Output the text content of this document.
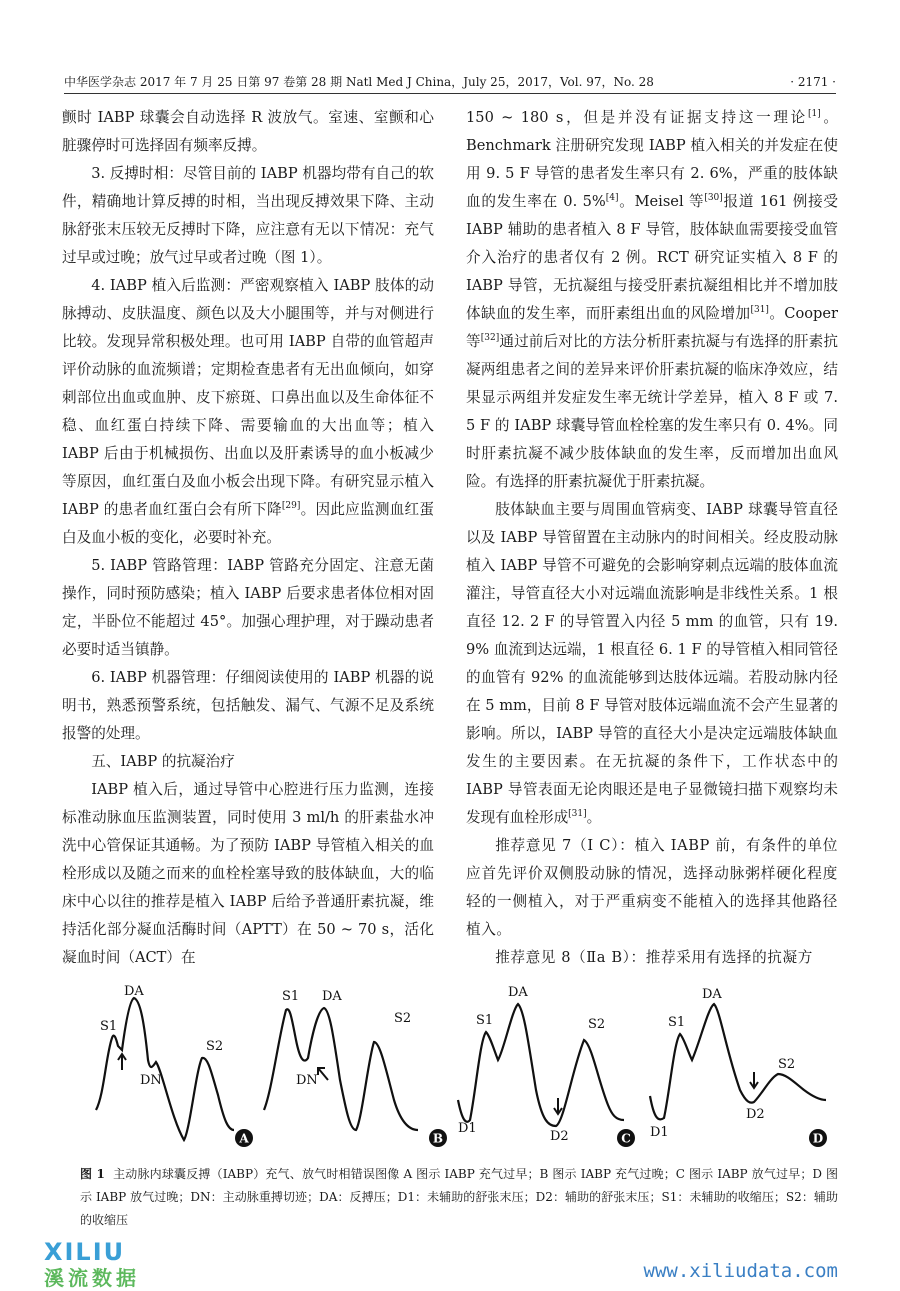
中华医学杂志 2017 年 7 月 25 日第 97 卷第 28 期 Natl Med J China，July 25，2017，Vol. 97，No. 28	· 2171 ·

颤时 IABP 球囊会自动选择 R 波放气。室速、室颤和心脏骤停时可选择固有频率反搏。

3. 反搏时相：尽管目前的 IABP 机器均带有自己的软件，精确地计算反搏的时相，当出现反搏效果下降、主动脉舒张末压较无反搏时下降，应注意有无以下情况：充气过早或过晚；放气过早或者过晚（图 1）。

4. IABP 植入后监测：严密观察植入 IABP 肢体的动脉搏动、皮肤温度、颜色以及大小腿围等，并与对侧进行比较。发现异常积极处理。也可用 IABP 自带的血管超声评价动脉的血流频谱；定期检查患者有无出血倾向，如穿刺部位出血或血肿、皮下瘀斑、口鼻出血以及生命体征不稳、血红蛋白持续下降、需要输血的大出血等；植入 IABP 后由于机械损伤、出血以及肝素诱导的血小板减少等原因，血红蛋白及血小板会出现下降。有研究显示植入 IABP 的患者血红蛋白会有所下降[29]。因此应监测血红蛋白及血小板的变化，必要时补充。

5. IABP 管路管理：IABP 管路充分固定、注意无菌操作，同时预防感染；植入 IABP 后要求患者体位相对固定，半卧位不能超过 45°。加强心理护理，对于躁动患者必要时适当镇静。

6. IABP 机器管理：仔细阅读使用的 IABP 机器的说明书，熟悉预警系统，包括触发、漏气、气源不足及系统报警的处理。

五、IABP 的抗凝治疗

IABP 植入后，通过导管中心腔进行压力监测，连接标准动脉血压监测装置，同时使用 3 ml/h 的肝素盐水冲洗中心管保证其通畅。为了预防 IABP 导管植入相关的血栓形成以及随之而来的血栓栓塞导致的肢体缺血，大的临床中心以往的推荐是植入 IABP 后给予普通肝素抗凝，维持活化部分凝血活酶时间（APTT）在 50 ~ 70 s，活化凝血时间（ACT）在

150 ~ 180 s，但是并没有证据支持这一理论[1]。Benchmark 注册研究发现 IABP 植入相关的并发症在使用 9. 5 F 导管的患者发生率只有 2. 6%，严重的肢体缺血的发生率在 0. 5%[4]。Meisel 等[30]报道 161 例接受 IABP 辅助的患者植入 8 F 导管，肢体缺血需要接受血管介入治疗的患者仅有 2 例。RCT 研究证实植入 8 F 的 IABP 导管，无抗凝组与接受肝素抗凝组相比并不增加肢体缺血的发生率，而肝素组出血的风险增加[31]。Cooper 等[32]通过前后对比的方法分析肝素抗凝与有选择的肝素抗凝两组患者之间的差异来评价肝素抗凝的临床净效应，结果显示两组并发症发生率无统计学差异，植入 8 F 或 7. 5 F 的 IABP 球囊导管血栓栓塞的发生率只有 0. 4%。同时肝素抗凝不减少肢体缺血的发生率，反而增加出血风险。有选择的肝素抗凝优于肝素抗凝。

肢体缺血主要与周围血管病变、IABP 球囊导管直径以及 IABP 导管留置在主动脉内的时间相关。经皮股动脉植入 IABP 导管不可避免的会影响穿刺点远端的肢体血流灌注，导管直径大小对远端血流影响是非线性关系。1 根直径 12. 2 F 的导管置入内径 5 mm 的血管，只有 19. 9% 血流到达远端，1 根直径 6. 1 F 的导管植入相同管径的血管有 92% 的血流能够到达肢体远端。若股动脉内径在 5 mm，目前 8 F 导管对肢体远端血流不会产生显著的影响。所以，IABP 导管的直径大小是决定远端肢体缺血发生的主要因素。在无抗凝的条件下，工作状态中的 IABP 导管表面无论肉眼还是电子显微镜扫描下观察均未发现有血栓形成[31]。

推荐意见 7（Ⅰ C）：植入 IABP 前，有条件的单位应首先评价双侧股动脉的情况，选择动脉粥样硬化程度轻的一侧植入，对于严重病变不能植入的选择其他路径植入。

推荐意见 8（Ⅱa B）：推荐采用有选择的抗凝方

DA
S1
DN
S2
A
S1 DA
DN
S2
B
DA
S1	S2
D1
D2	C
DA
S1
S2
D1
D2
D
图 1 主动脉内球囊反搏（IABP）充气、放气时相错误图像 A 图示 IABP 充气过早；B 图示 IABP 充气过晚；C 图示 IABP 放气过早；D 图示 IABP 放气过晚；DN：主动脉重搏切迹；DA：反搏压；D1：未辅助的舒张末压；D2：辅助的舒张末压；S1：未辅助的收缩压；S2：辅助的收缩压
XILIU
溪流数据	www.xiliudata.com
